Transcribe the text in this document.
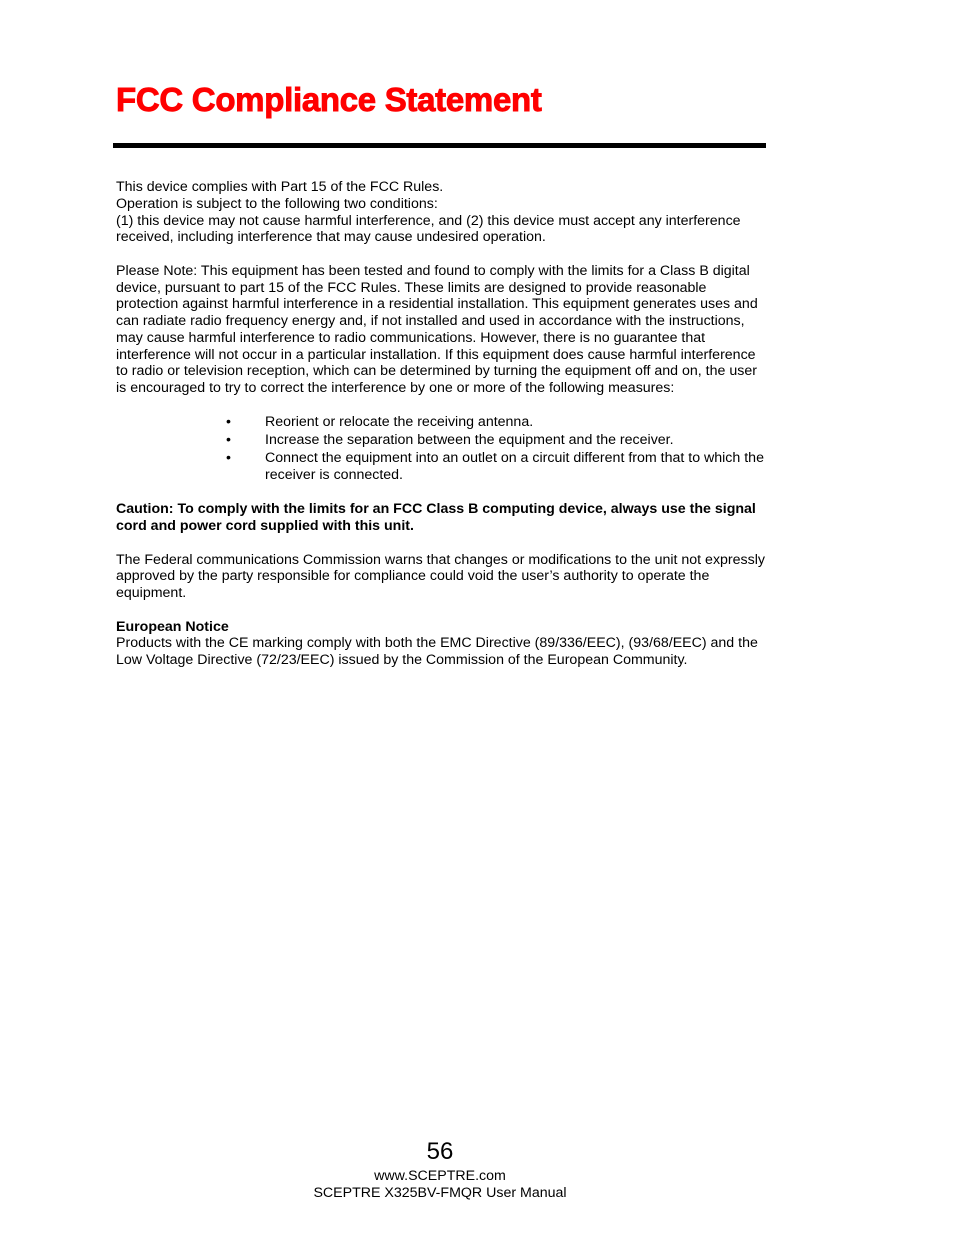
FCC Compliance Statement

This device complies with Part 15 of the FCC Rules.

Operation is subject to the following two conditions:

(1) this device may not cause harmful interference, and (2) this device must accept any interference received, including interference that may cause undesired operation.

Please Note: This equipment has been tested and found to comply with the limits for a Class B digital device, pursuant to part 15 of the FCC Rules. These limits are designed to provide reasonable protection against harmful interference in a residential installation. This equipment generates uses and can radiate radio frequency energy and, if not installed and used in accordance with the instructions, may cause harmful interference to radio communications. However, there is no guarantee that interference will not occur in a particular installation. If this equipment does cause harmful interference to radio or television reception, which can be determined by turning the equipment off and on, the user is encouraged to try to correct the interference by one or more of the following measures:

•	Reorient or relocate the receiving antenna.
•	Increase the separation between the equipment and the receiver.
•	Connect the equipment into an outlet on a circuit different from that to which the receiver is connected.

Caution: To comply with the limits for an FCC Class B computing device, always use the signal cord and power cord supplied with this unit.

The Federal communications Commission warns that changes or modifications to the unit not expressly approved by the party responsible for compliance could void the user’s authority to operate the equipment.

European Notice

Products with the CE marking comply with both the EMC Directive (89/336/EEC), (93/68/EEC) and the Low Voltage Directive (72/23/EEC) issued by the Commission of the European Community.

56
www.SCEPTRE.com
SCEPTRE X325BV-FMQR User Manual
